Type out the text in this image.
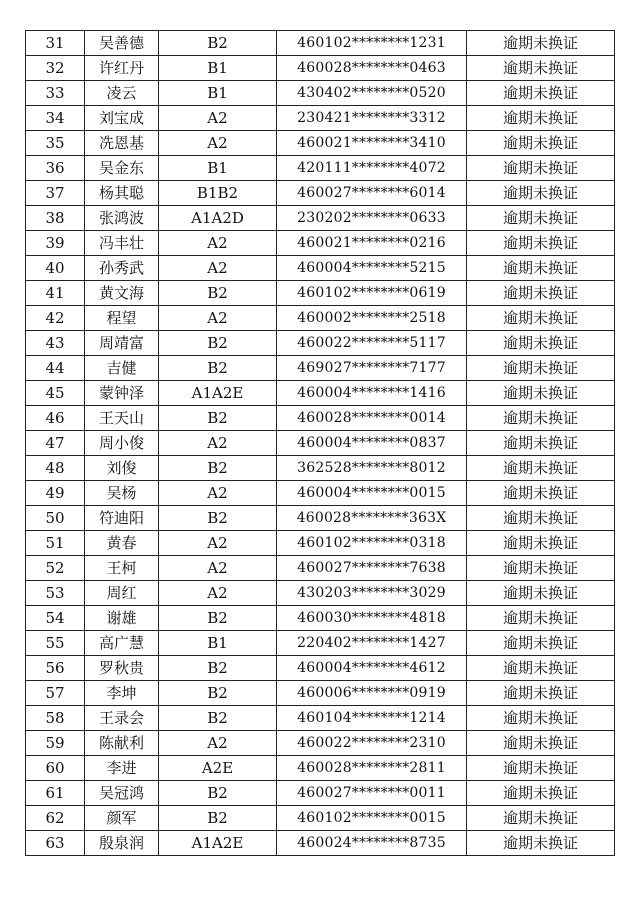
31	吴善德	B2	460102********1231	逾期未换证
32	许红丹	B1	460028********0463	逾期未换证
33	凌云	B1	430402********0520	逾期未换证
34	刘宝成	A2	230421********3312	逾期未换证
35	冼恩基	A2	460021********3410	逾期未换证
36	吴金东	B1	420111********4072	逾期未换证
37	杨其聪	B1B2	460027********6014	逾期未换证
38	张鸿波	A1A2D	230202********0633	逾期未换证
39	冯丰壮	A2	460021********0216	逾期未换证
40	孙秀武	A2	460004********5215	逾期未换证
41	黄文海	B2	460102********0619	逾期未换证
42	程望	A2	460002********2518	逾期未换证
43	周靖富	B2	460022********5117	逾期未换证
44	吉健	B2	469027********7177	逾期未换证
45	蒙钟泽	A1A2E	460004********1416	逾期未换证
46	王天山	B2	460028********0014	逾期未换证
47	周小俊	A2	460004********0837	逾期未换证
48	刘俊	B2	362528********8012	逾期未换证
49	吴杨	A2	460004********0015	逾期未换证
50	符迪阳	B2	460028********363X	逾期未换证
51	黄春	A2	460102********0318	逾期未换证
52	王柯	A2	460027********7638	逾期未换证
53	周红	A2	430203********3029	逾期未换证
54	谢雄	B2	460030********4818	逾期未换证
55	高广慧	B1	220402********1427	逾期未换证
56	罗秋贵	B2	460004********4612	逾期未换证
57	李坤	B2	460006********0919	逾期未换证
58	王录会	B2	460104********1214	逾期未换证
59	陈献利	A2	460022********2310	逾期未换证
60	李进	A2E	460028********2811	逾期未换证
61	吴冠鸿	B2	460027********0011	逾期未换证
62	颜军	B2	460102********0015	逾期未换证
63	殷泉润	A1A2E	460024********8735	逾期未换证
